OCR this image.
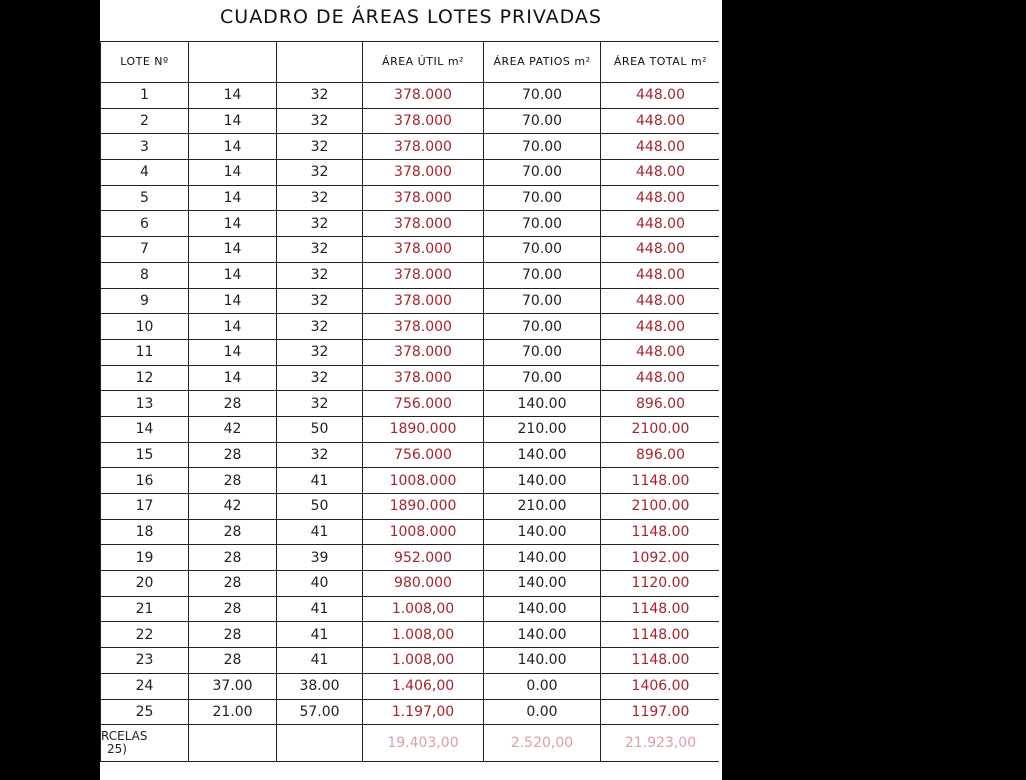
CUADRO DE ÁREAS LOTES PRIVADAS
LOTE Nº			ÁREA ÚTIL m²	ÁREA PATIOS m²	ÁREA TOTAL m²
1	14	32	378.000	70.00	448.00
2	14	32	378.000	70.00	448.00
3	14	32	378.000	70.00	448.00
4	14	32	378.000	70.00	448.00
5	14	32	378.000	70.00	448.00
6	14	32	378.000	70.00	448.00
7	14	32	378.000	70.00	448.00
8	14	32	378.000	70.00	448.00
9	14	32	378.000	70.00	448.00
10	14	32	378.000	70.00	448.00
11	14	32	378.000	70.00	448.00
12	14	32	378.000	70.00	448.00
13	28	32	756.000	140.00	896.00
14	42	50	1890.000	210.00	2100.00
15	28	32	756.000	140.00	896.00
16	28	41	1008.000	140.00	1148.00
17	42	50	1890.000	210.00	2100.00
18	28	41	1008.000	140.00	1148.00
19	28	39	952.000	140.00	1092.00
20	28	40	980.000	140.00	1120.00
21	28	41	1.008,00	140.00	1148.00
22	28	41	1.008,00	140.00	1148.00
23	28	41	1.008,00	140.00	1148.00
24	37.00	38.00	1.406,00	0.00	1406.00
25	21.00	57.00	1.197,00	0.00	1197.00

RCELAS
25)			19.403,00	2.520,00	21.923,00
